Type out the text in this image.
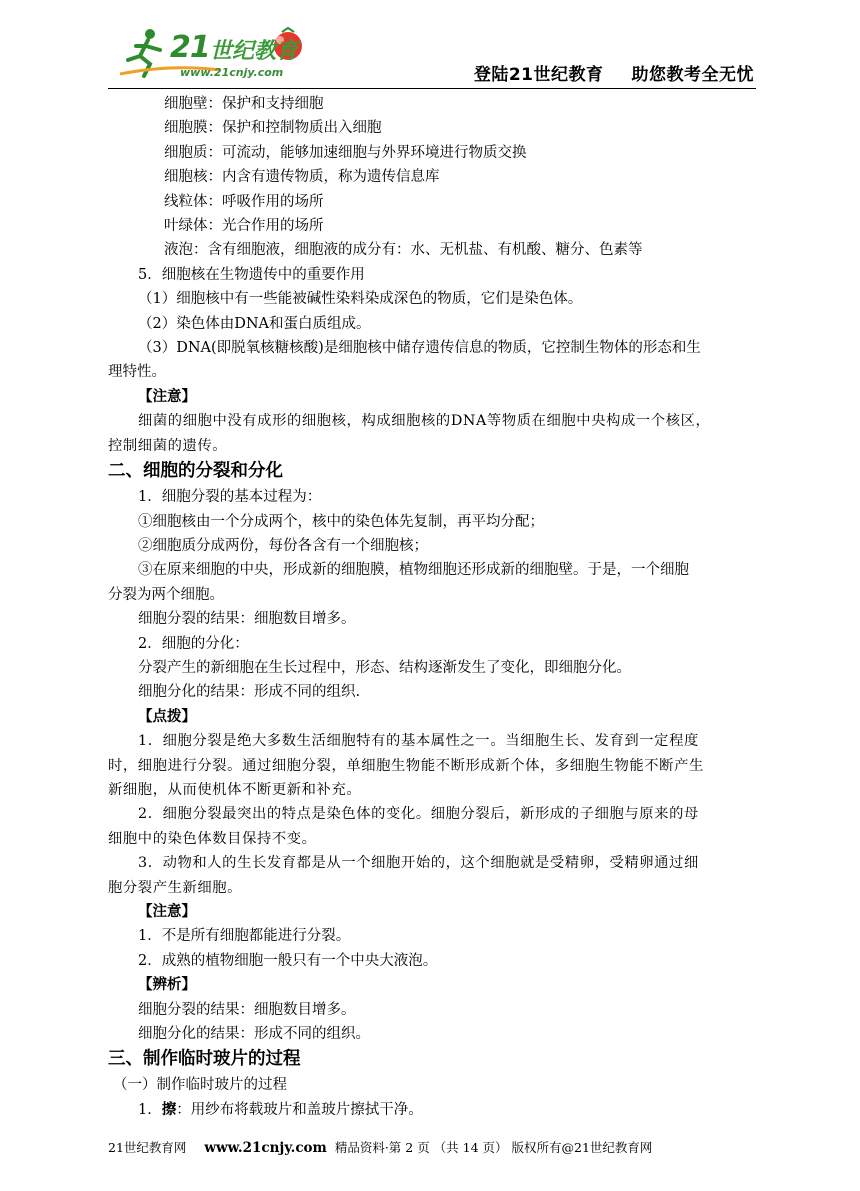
21 世纪教育
www.21cnjy.com	登陆21世纪教育 助您教考全无忧

细胞壁：保护和支持细胞

细胞膜：保护和控制物质出入细胞

细胞质：可流动，能够加速细胞与外界环境进行物质交换

细胞核：内含有遗传物质，称为遗传信息库

线粒体：呼吸作用的场所

叶绿体：光合作用的场所

液泡：含有细胞液，细胞液的成分有：水、无机盐、有机酸、糖分、色素等

5．细胞核在生物遗传中的重要作用

（1）细胞核中有一些能被碱性染料染成深色的物质，它们是染色体。

（2）染色体由DNA和蛋白质组成。

（3）DNA(即脱氧核糖核酸)是细胞核中储存遗传信息的物质，它控制生物体的形态和生

理特性。

【注意】

细菌的细胞中没有成形的细胞核，构成细胞核的DNA等物质在细胞中央构成一个核区，

控制细菌的遗传。

二、细胞的分裂和分化

1．细胞分裂的基本过程为：

①细胞核由一个分成两个，核中的染色体先复制，再平均分配；

②细胞质分成两份，每份各含有一个细胞核；

③在原来细胞的中央，形成新的细胞膜，植物细胞还形成新的细胞壁。于是，一个细胞

分裂为两个细胞。

细胞分裂的结果：细胞数目增多。

2．细胞的分化：

分裂产生的新细胞在生长过程中，形态、结构逐渐发生了变化，即细胞分化。

细胞分化的结果：形成不同的组织.

【点拨】

1．细胞分裂是绝大多数生活细胞特有的基本属性之一。当细胞生长、发育到一定程度

时，细胞进行分裂。通过细胞分裂，单细胞生物能不断形成新个体，多细胞生物能不断产生

新细胞，从而使机体不断更新和补充。

2．细胞分裂最突出的特点是染色体的变化。细胞分裂后，新形成的子细胞与原来的母

细胞中的染色体数目保持不变。

3．动物和人的生长发育都是从一个细胞开始的，这个细胞就是受精卵，受精卵通过细

胞分裂产生新细胞。

【注意】

1．不是所有细胞都能进行分裂。

2．成熟的植物细胞一般只有一个中央大液泡。

【辨析】

细胞分裂的结果：细胞数目增多。

细胞分化的结果：形成不同的组织。

三、制作临时玻片的过程

（一）制作临时玻片的过程

1．擦：用纱布将载玻片和盖玻片擦拭干净。

21世纪教育网 www.21cnjy.com 精品资料·第 2 页 （共 14 页） 版权所有@21世纪教育网
